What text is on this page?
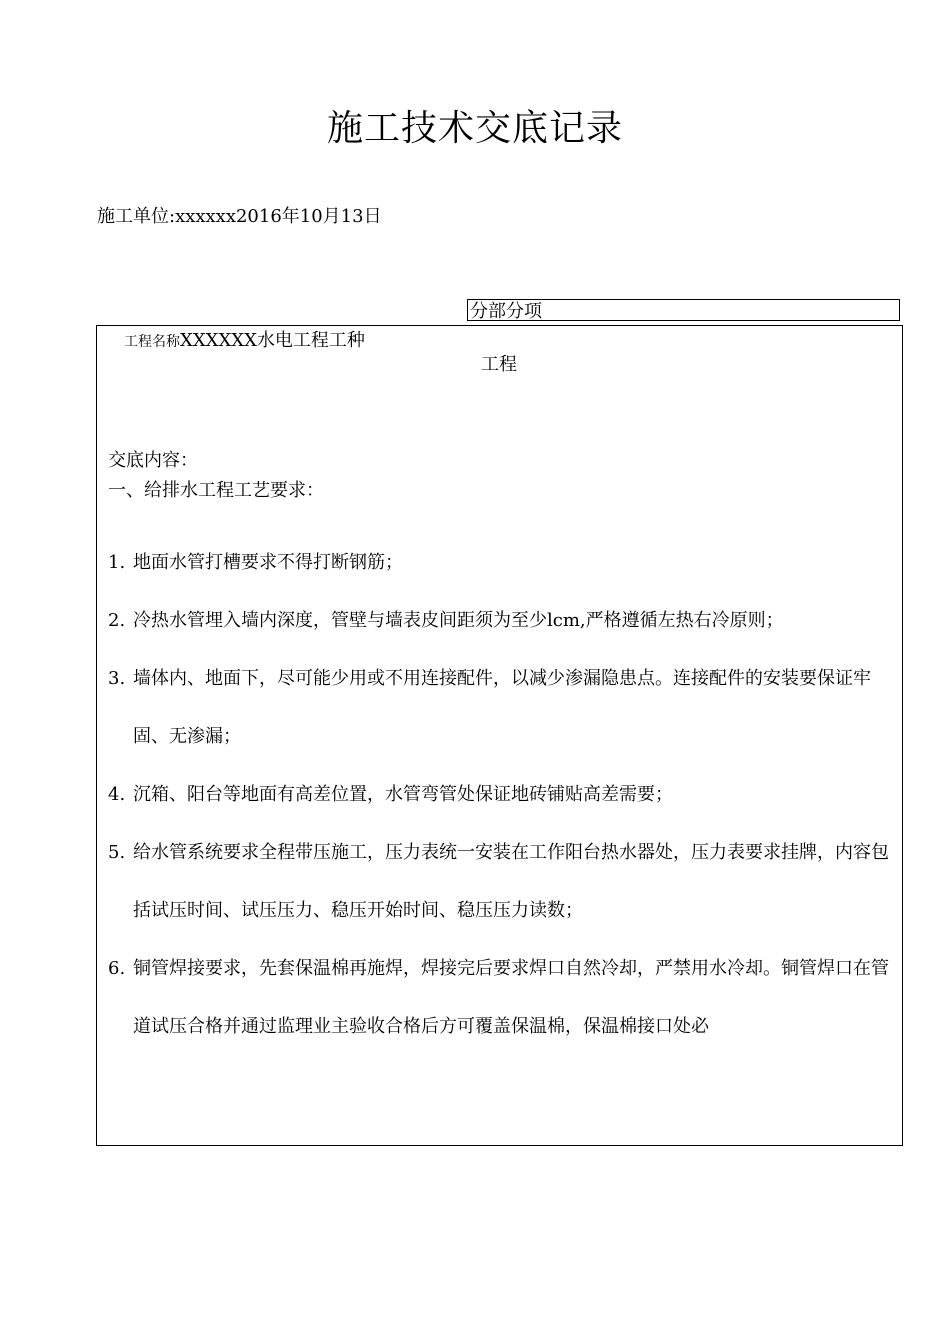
施工技术交底记录
施工单位:xxxxxx2016年10月13日
分部分项
工程名称XXXXXX水电工程工种
工程

交底内容：

一、给排水工程工艺要求：

1. 地面水管打槽要求不得打断钢筋；

2. 冷热水管埋入墙内深度，管壁与墙表皮间距须为至少lcm,严格遵循左热右冷原则；

3. 墙体内、地面下，尽可能少用或不用连接配件，以减少渗漏隐患点。连接配件的安装要保证牢固、无渗漏；

4. 沉箱、阳台等地面有高差位置，水管弯管处保证地砖铺贴高差需要；

5. 给水管系统要求全程带压施工，压力表统一安装在工作阳台热水器处，压力表要求挂牌，内容包括试压时间、试压压力、稳压开始时间、稳压压力读数；

6. 铜管焊接要求，先套保温棉再施焊，焊接完后要求焊口自然冷却，严禁用水冷却。铜管焊口在管道试压合格并通过监理业主验收合格后方可覆盖保温棉，保温棉接口处必
